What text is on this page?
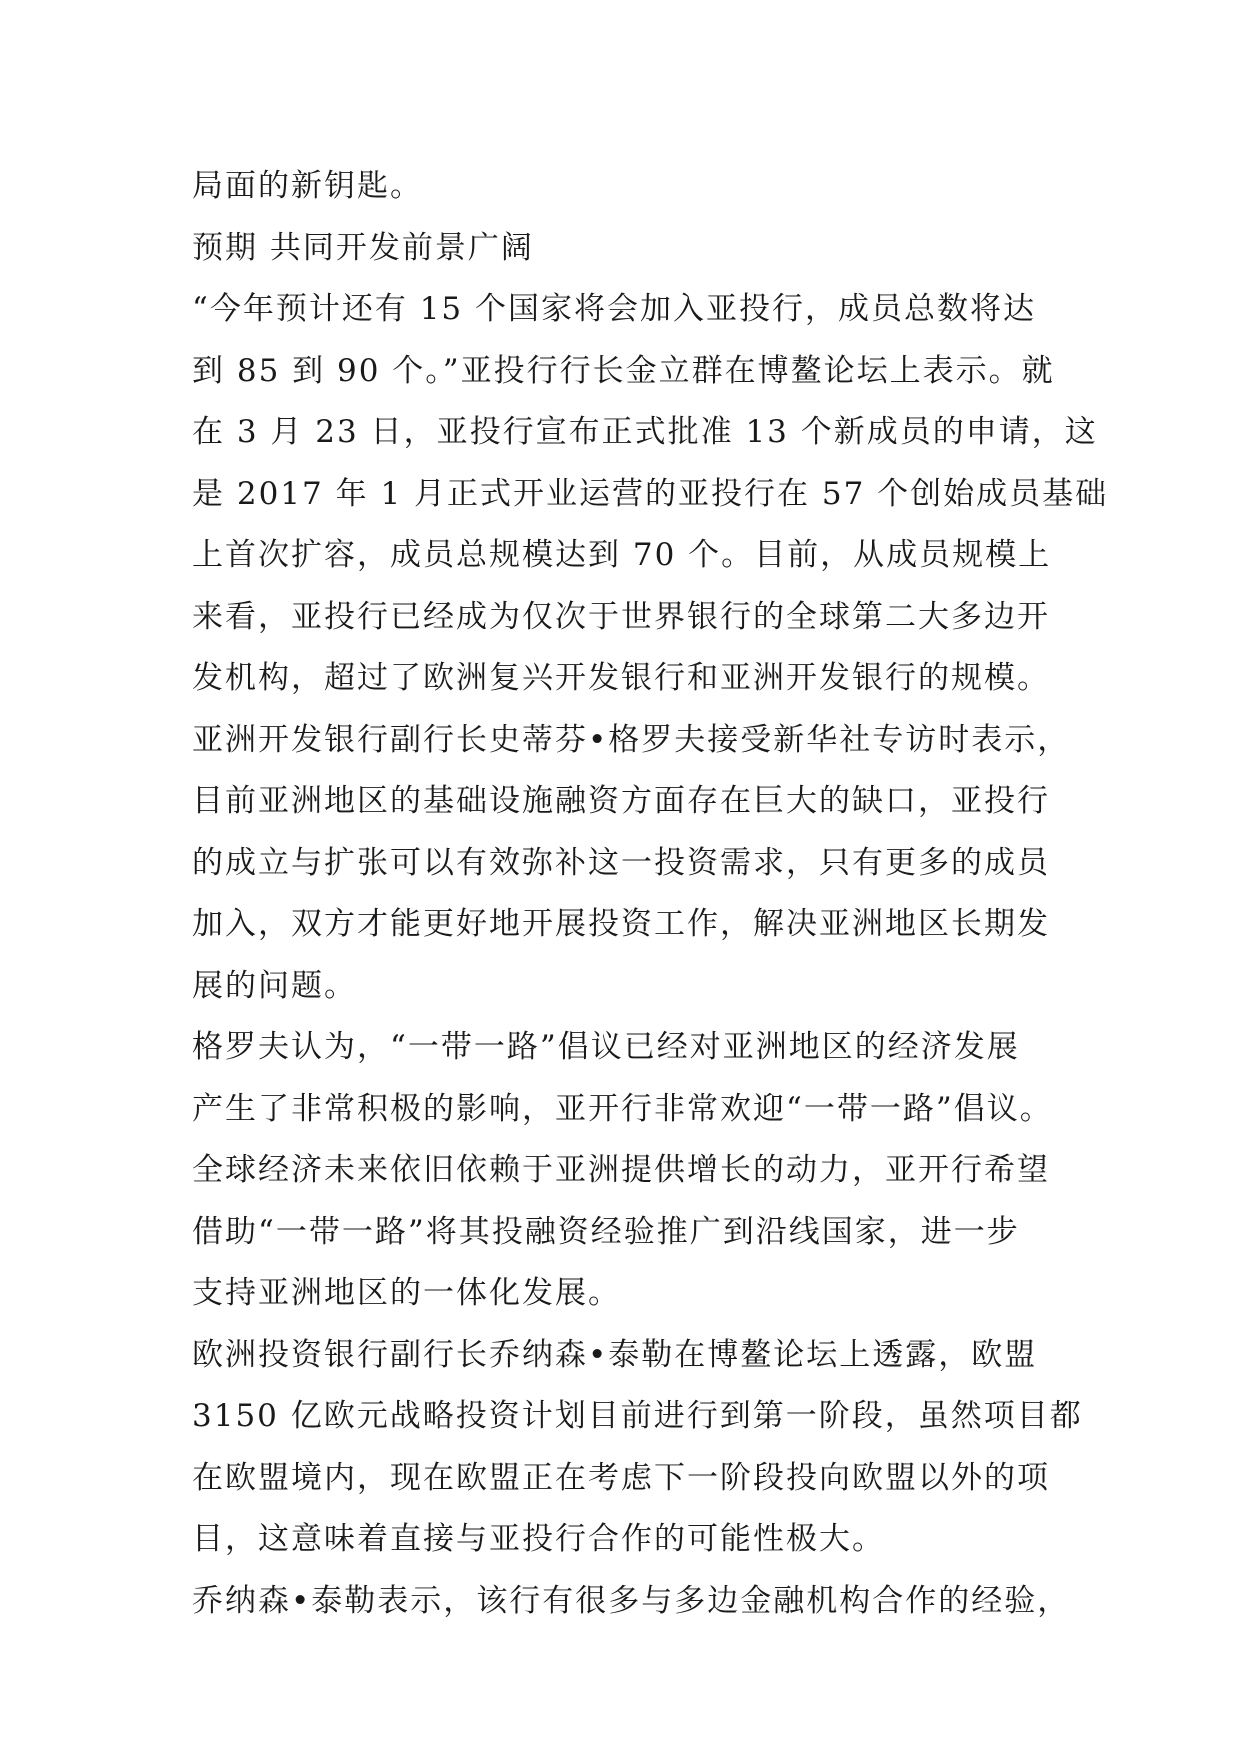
局面的新钥匙。
预期 共同开发前景广阔
“今年预计还有 15 个国家将会加入亚投行，成员总数将达
到 85 到 90 个。”亚投行行长金立群在博鳌论坛上表示。就
在 3 月 23 日，亚投行宣布正式批准 13 个新成员的申请，这
是 2017 年 1 月正式开业运营的亚投行在 57 个创始成员基础
上首次扩容，成员总规模达到 70 个。目前，从成员规模上
来看，亚投行已经成为仅次于世界银行的全球第二大多边开
发机构，超过了欧洲复兴开发银行和亚洲开发银行的规模。
亚洲开发银行副行长史蒂芬•格罗夫接受新华社专访时表示，
目前亚洲地区的基础设施融资方面存在巨大的缺口，亚投行
的成立与扩张可以有效弥补这一投资需求，只有更多的成员
加入，双方才能更好地开展投资工作，解决亚洲地区长期发
展的问题。
格罗夫认为，“一带一路”倡议已经对亚洲地区的经济发展
产生了非常积极的影响，亚开行非常欢迎“一带一路”倡议。
全球经济未来依旧依赖于亚洲提供增长的动力，亚开行希望
借助“一带一路”将其投融资经验推广到沿线国家，进一步
支持亚洲地区的一体化发展。
欧洲投资银行副行长乔纳森•泰勒在博鳌论坛上透露，欧盟
3150 亿欧元战略投资计划目前进行到第一阶段，虽然项目都
在欧盟境内，现在欧盟正在考虑下一阶段投向欧盟以外的项
目，这意味着直接与亚投行合作的可能性极大。
乔纳森•泰勒表示，该行有很多与多边金融机构合作的经验，
